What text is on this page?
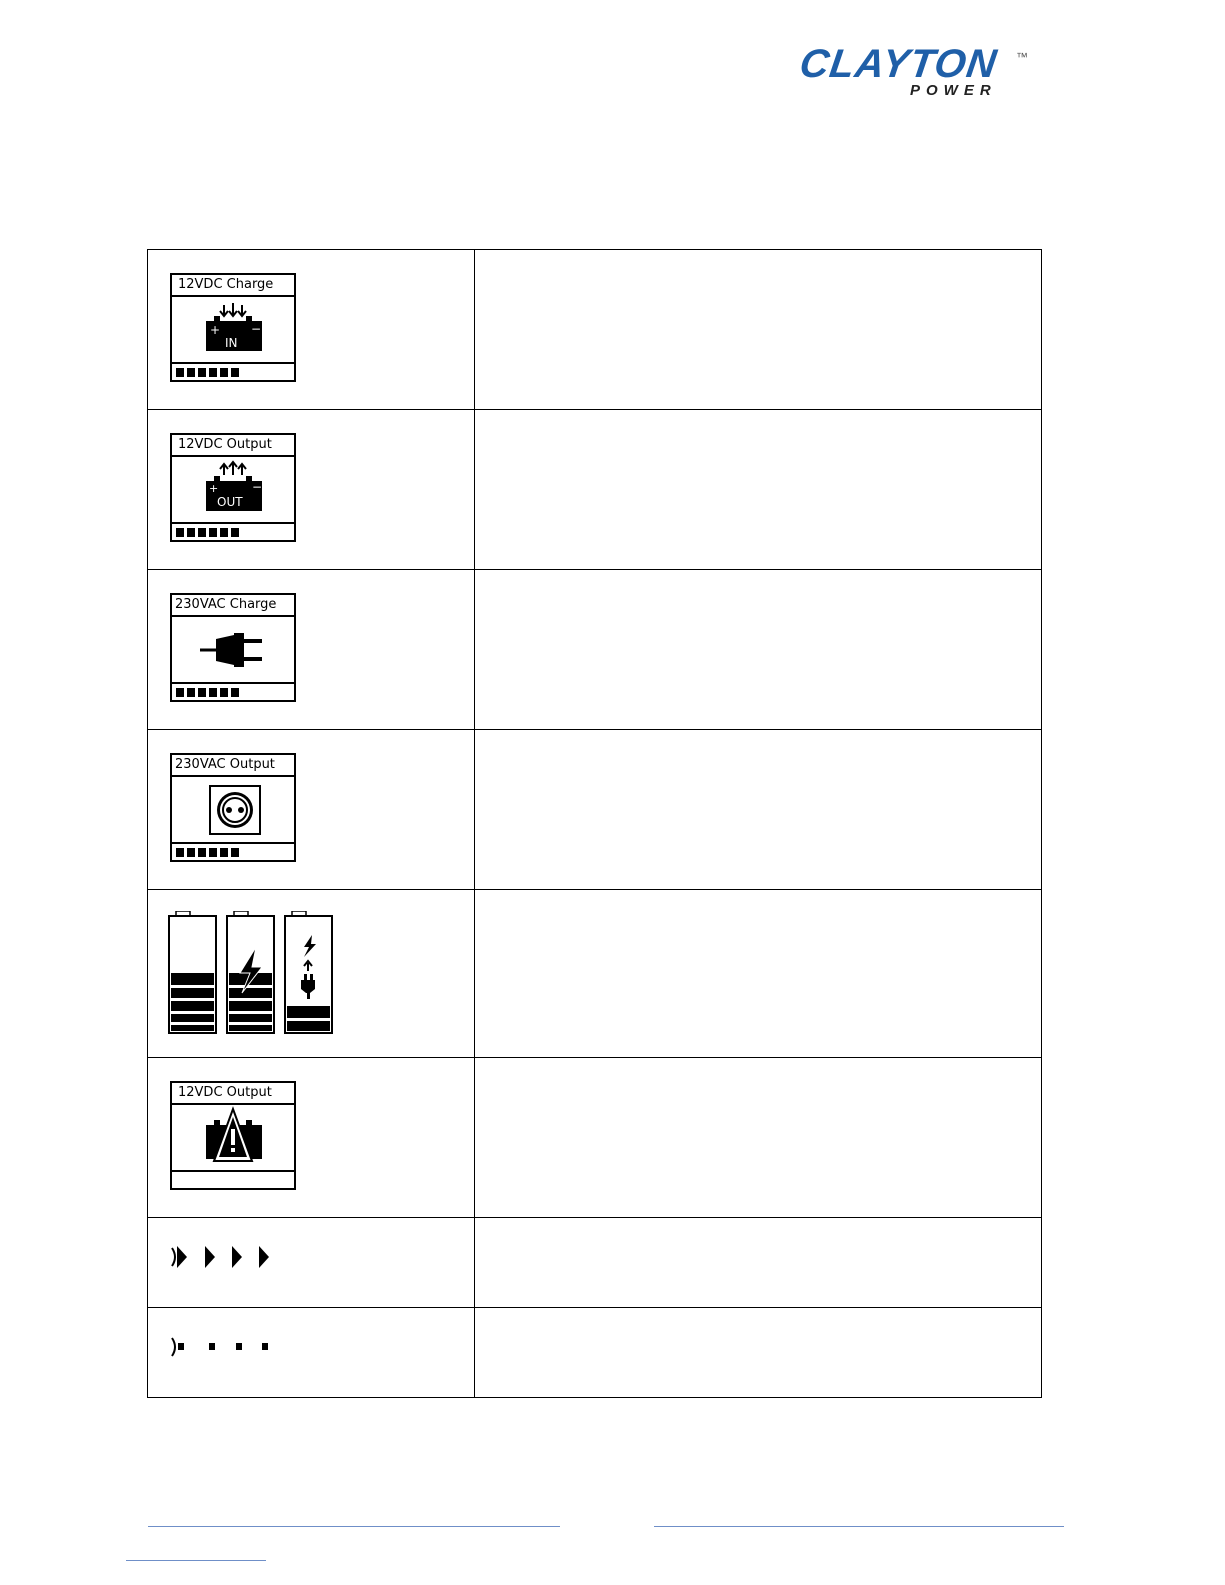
CLAYTON ™
POWER
12VDC Charge
+ −
IN	

12VDC Output
+ −
OUT	

230VAC Charge	

230VAC Output	

12VDC Output	
